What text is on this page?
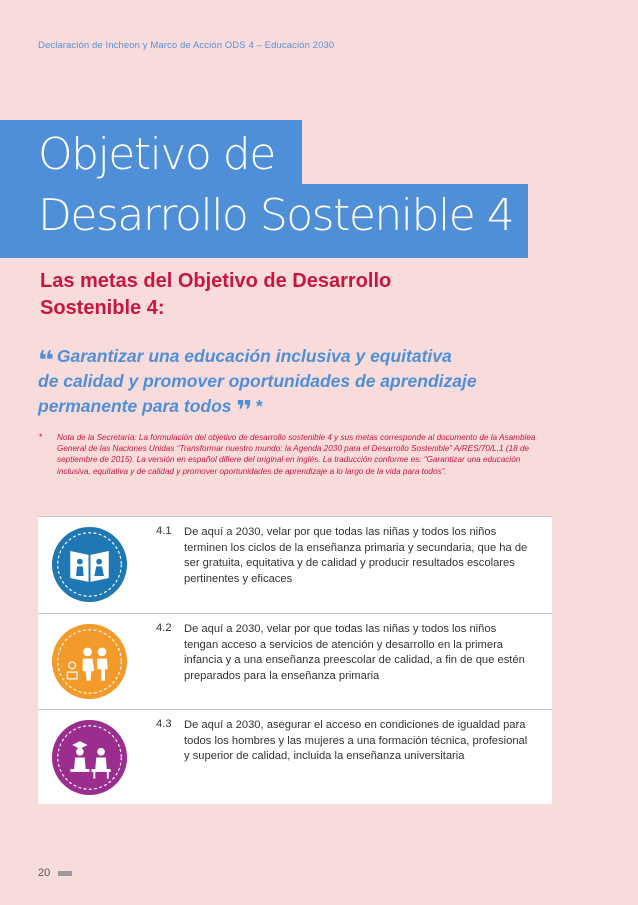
Declaración de Incheon y Marco de Acción ODS 4 – Educación 2030
Objetivo de
Desarrollo Sostenible 4
Las metas del Objetivo de Desarrollo
Sostenible 4:
❛❛ Garantizar una educación inclusiva y equitativa
de calidad y promover oportunidades de aprendizaje
permanente para todos ❜❜ *
* Nota de la Secretaría: La formulación del objetivo de desarrollo sostenible 4 y sus metas corresponde al documento de la Asamblea General de las Naciones Unidas “Transformar nuestro mundo: la Agenda 2030 para el Desarrollo Sostenible” A/RES/70/L.1 (18 de septiembre de 2015). La versión en español difiere del original en inglés. La traducción conforme es: “Garantizar una educación inclusiva, equitativa y de calidad y promover oportunidades de aprendizaje a lo largo de la vida para todos”.
4.1 De aquí a 2030, velar por que todas las niñas y todos los niños terminen los ciclos de la enseñanza primaria y secundaria, que ha de ser gratuita, equitativa y de calidad y producir resultados escolares pertinentes y eficaces
4.2 De aquí a 2030, velar por que todas las niñas y todos los niños tengan acceso a servicios de atención y desarrollo en la primera infancia y a una enseñanza preescolar de calidad, a fin de que estén preparados para la enseñanza primaria
4.3 De aquí a 2030, asegurar el acceso en condiciones de igualdad para todos los hombres y las mujeres a una formación técnica, profesional y superior de calidad, incluida la enseñanza universitaria
20
